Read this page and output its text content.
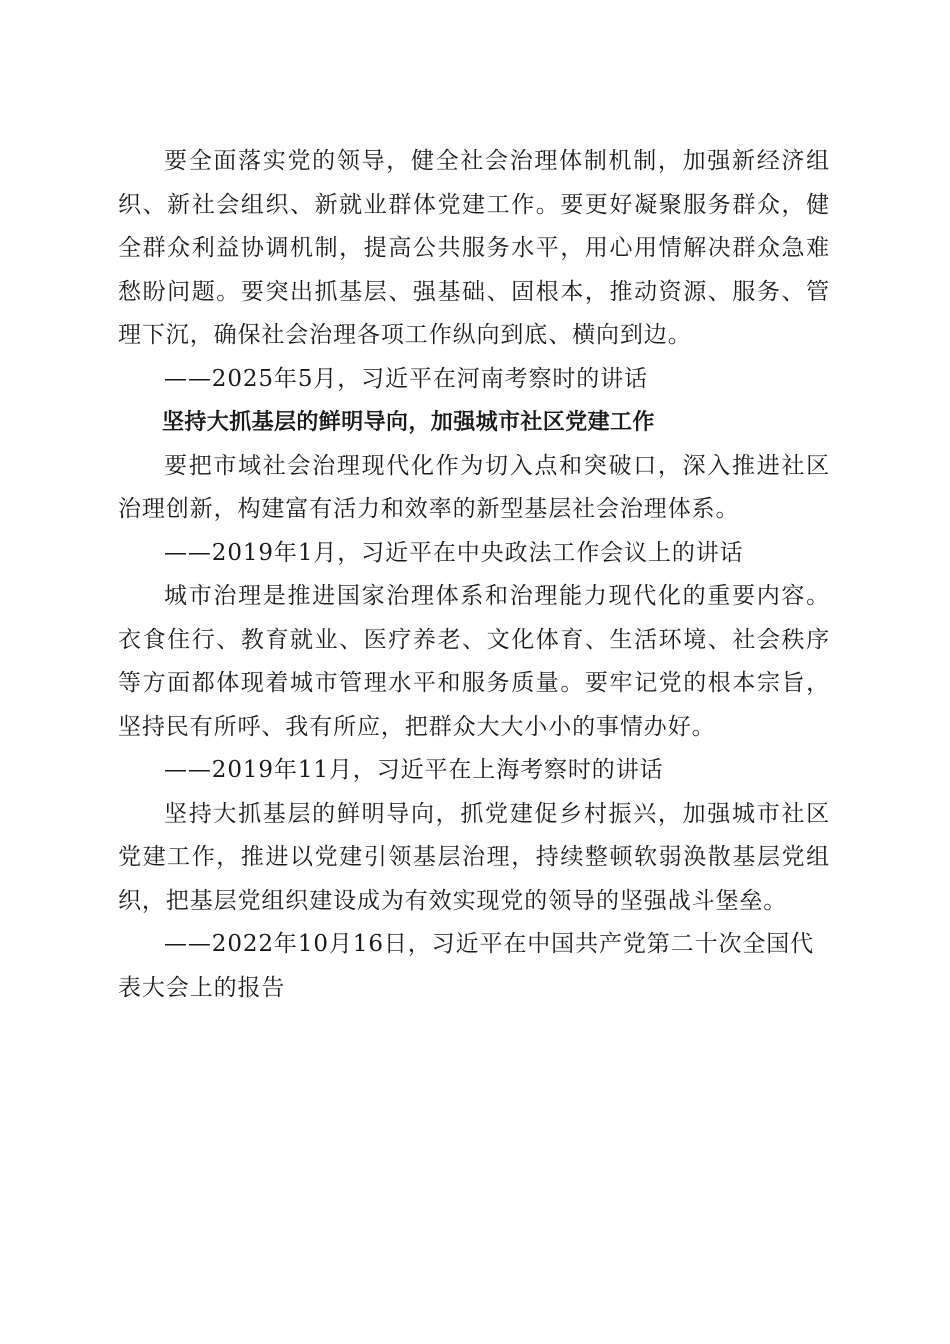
要全面落实党的领导，健全社会治理体制机制，加强新经济组织、新社会组织、新就业群体党建工作。要更好凝聚服务群众，健全群众利益协调机制，提高公共服务水平，用心用情解决群众急难愁盼问题。要突出抓基层、强基础、固根本，推动资源、服务、管理下沉，确保社会治理各项工作纵向到底、横向到边。

——2025年5月，习近平在河南考察时的讲话

坚持大抓基层的鲜明导向，加强城市社区党建工作

要把市域社会治理现代化作为切入点和突破口，深入推进社区治理创新，构建富有活力和效率的新型基层社会治理体系。

——2019年1月，习近平在中央政法工作会议上的讲话

城市治理是推进国家治理体系和治理能力现代化的重要内容。衣食住行、教育就业、医疗养老、文化体育、生活环境、社会秩序等方面都体现着城市管理水平和服务质量。要牢记党的根本宗旨，坚持民有所呼、我有所应，把群众大大小小的事情办好。

——2019年11月，习近平在上海考察时的讲话

坚持大抓基层的鲜明导向，抓党建促乡村振兴，加强城市社区党建工作，推进以党建引领基层治理，持续整顿软弱涣散基层党组织，把基层党组织建设成为有效实现党的领导的坚强战斗堡垒。

——2022年10月16日，习近平在中国共产党第二十次全国代表大会上的报告
